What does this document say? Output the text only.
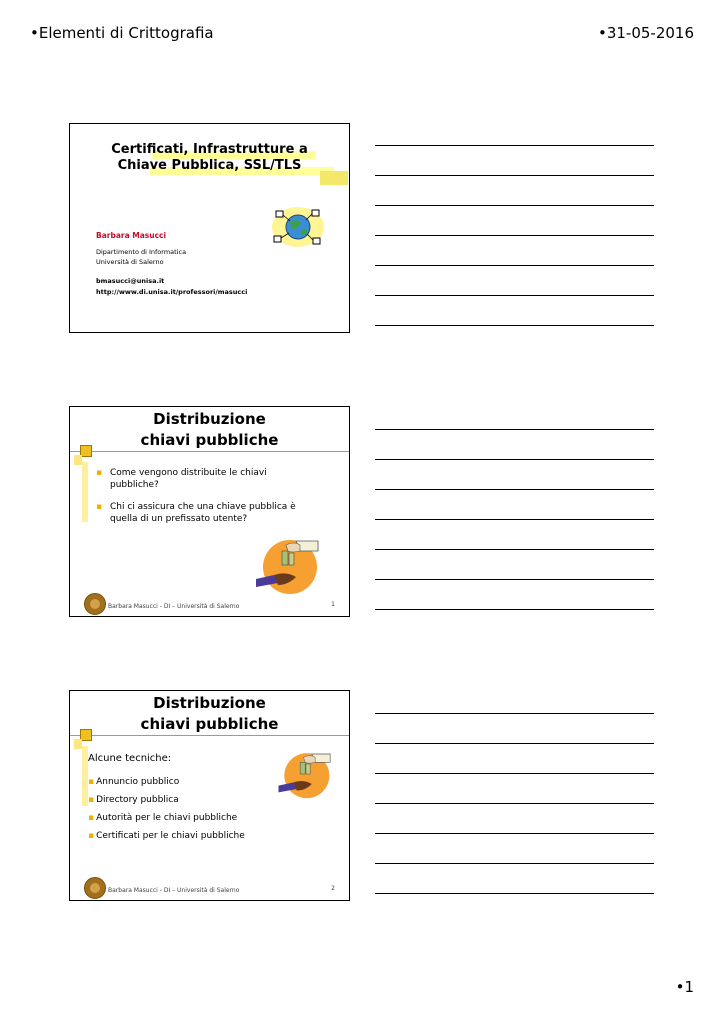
•Elementi di Crittografia	•31-05-2016
Certificati, Infrastrutture a
Chiave Pubblica, SSL/TLS
Barbara Masucci
Dipartimento di Informatica
Università di Salerno
bmasucci@unisa.it
http://www.di.unisa.it/professori/masucci
Distribuzione
chiavi pubbliche
▪ Come vengono distribuite le chiavi pubbliche?
▪ Chi ci assicura che una chiave pubblica è quella di un prefissato utente?
Barbara Masucci - DI – Università di Salerno	1
Distribuzione
chiavi pubbliche
Alcune tecniche:
▪ Annuncio pubblico
▪ Directory pubblica
▪ Autorità per le chiavi pubbliche
▪ Certificati per le chiavi pubbliche
Barbara Masucci - DI – Università di Salerno	2
•1
